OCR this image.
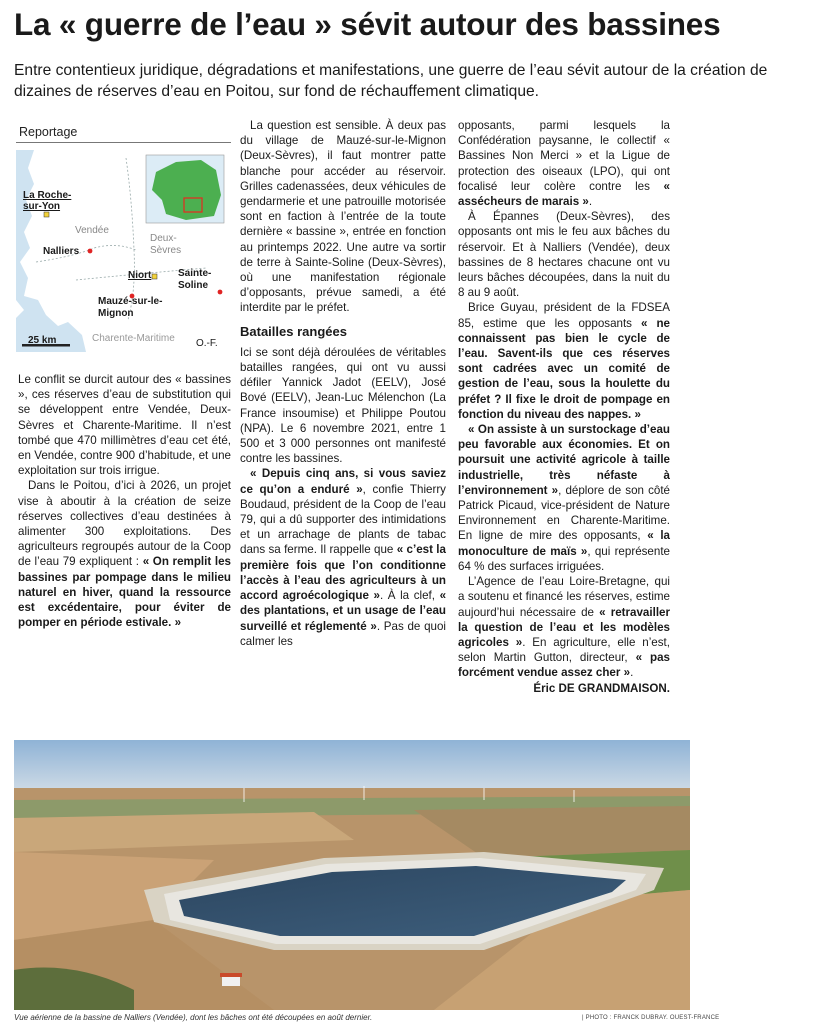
La « guerre de l’eau » sévit autour des bassines
Entre contentieux juridique, dégradations et manifestations, une guerre de l’eau sévit autour de la création de dizaines de réserves d’eau en Poitou, sur fond de réchauffement climatique.
Reportage
La Roche-sur-Yon
Vendée
Deux-Sèvres
Nalliers
Niort	Sainte-Soline
Mauzé-sur-le-Mignon
Charente-Maritime
25 km	O.-F.

Le conflit se durcit autour des « bassines », ces réserves d’eau de substitution qui se développent entre Vendée, Deux-Sèvres et Charente-Maritime. Il n’est tombé que 470 millimètres d’eau cet été, en Vendée, contre 900 d’habitude, et une exploitation sur trois irrigue.

Dans le Poitou, d’ici à 2026, un projet vise à aboutir à la création de seize réserves collectives d’eau destinées à alimenter 300 exploitations. Des agriculteurs regroupés autour de la Coop de l’eau 79 expliquent : « On remplit les bassines par pompage dans le milieu naturel en hiver, quand la ressource est excédentaire, pour éviter de pomper en période estivale. »

La question est sensible. À deux pas du village de Mauzé-sur-le-Mignon (Deux-Sèvres), il faut montrer patte blanche pour accéder au réservoir. Grilles cadenassées, deux véhicules de gendarmerie et une patrouille motorisée sont en faction à l’entrée de la toute dernière « bassine », entrée en fonction au printemps 2022. Une autre va sortir de terre à Sainte-Soline (Deux-Sèvres), où une manifestation régionale d’opposants, prévue samedi, a été interdite par le préfet.

Batailles rangées

Ici se sont déjà déroulées de véritables batailles rangées, qui ont vu aussi défiler Yannick Jadot (EELV), José Bové (EELV), Jean-Luc Mélenchon (La France insoumise) et Philippe Poutou (NPA). Le 6 novembre 2021, entre 1 500 et 3 000 personnes ont manifesté contre les bassines.

« Depuis cinq ans, si vous saviez ce qu’on a enduré », confie Thierry Boudaud, président de la Coop de l’eau 79, qui a dû supporter des intimidations et un arrachage de plants de tabac dans sa ferme. Il rappelle que « c’est la première fois que l’on conditionne l’accès à l’eau des agriculteurs à un accord agroécologique ». À la clef, « des plantations, et un usage de l’eau surveillé et réglementé ». Pas de quoi calmer les

opposants, parmi lesquels la Confédération paysanne, le collectif « Bassines Non Merci » et la Ligue de protection des oiseaux (LPO), qui ont focalisé leur colère contre les « assécheurs de marais ».

À Épannes (Deux-Sèvres), des opposants ont mis le feu aux bâches du réservoir. Et à Nalliers (Vendée), deux bassines de 8 hectares chacune ont vu leurs bâches découpées, dans la nuit du 8 au 9 août.

Brice Guyau, président de la FDSEA 85, estime que les opposants « ne connaissent pas bien le cycle de l’eau. Savent-ils que ces réserves sont cadrées avec un comité de gestion de l’eau, sous la houlette du préfet ? Il fixe le droit de pompage en fonction du niveau des nappes. »

« On assiste à un surstockage d’eau peu favorable aux économies. Et on poursuit une activité agricole à taille industrielle, très néfaste à l’environnement », déplore de son côté Patrick Picaud, vice-président de Nature Environnement en Charente-Maritime. En ligne de mire des opposants, « la monoculture de maïs », qui représente 64 % des surfaces irriguées.

L’Agence de l’eau Loire-Bretagne, qui a soutenu et financé les réserves, estime aujourd’hui nécessaire de « retravailler la question de l’eau et les modèles agricoles ». En agriculture, elle n’est, selon Martin Gutton, directeur, « pas forcément vendue assez cher ».

Éric DE GRANDMAISON.

Vue aérienne de la bassine de Nalliers (Vendée), dont les bâches ont été découpées en août dernier.	| PHOTO : FRANCK DUBRAY. OUEST-FRANCE
